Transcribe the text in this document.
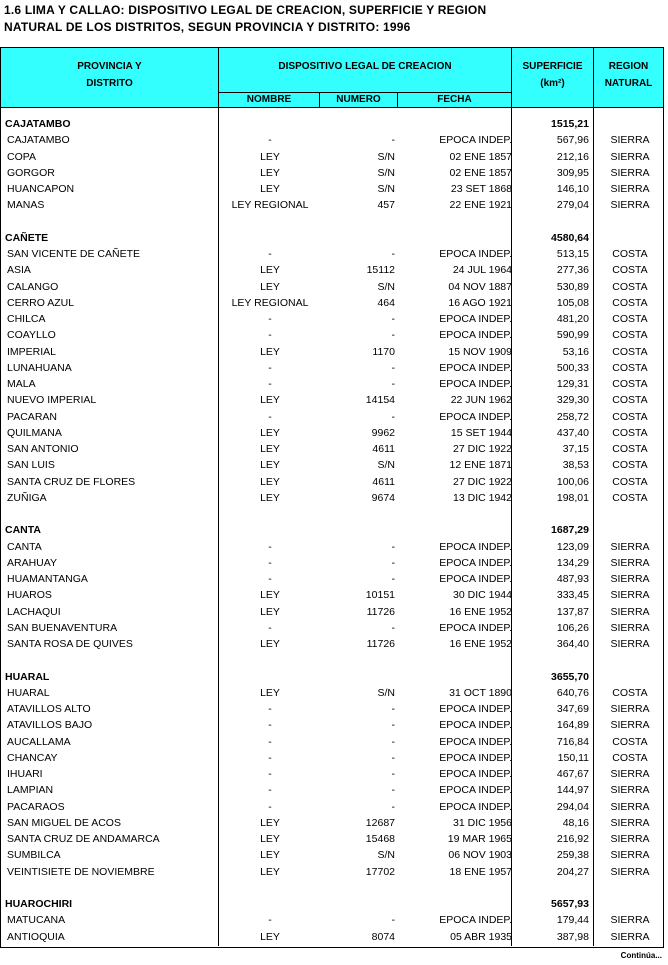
1.6 LIMA Y CALLAO: DISPOSITIVO LEGAL DE CREACION, SUPERFICIE Y REGION
NATURAL DE LOS DISTRITOS, SEGUN PROVINCIA Y DISTRITO: 1996
PROVINCIA Y
DISTRITO
DISPOSITIVO LEGAL DE CREACION
NOMBRE	NUMERO	FECHA
SUPERFICIE
(km²)
REGION
NATURAL
CAJATAMBO	1515,21
CAJATAMBO	-	-	EPOCA INDEP.	567,96	SIERRA
COPA	LEY	S/N	02 ENE 1857	212,16	SIERRA
GORGOR	LEY	S/N	02 ENE 1857	309,95	SIERRA
HUANCAPON	LEY	S/N	23 SET 1868	146,10	SIERRA
MANAS	LEY REGIONAL	457	22 ENE 1921	279,04	SIERRA
CAÑETE	4580,64
SAN VICENTE DE CAÑETE	-	-	EPOCA INDEP.	513,15	COSTA
ASIA	LEY	15112	24 JUL 1964	277,36	COSTA
CALANGO	LEY	S/N	04 NOV 1887	530,89	COSTA
CERRO AZUL	LEY REGIONAL	464	16 AGO 1921	105,08	COSTA
CHILCA	-	-	EPOCA INDEP.	481,20	COSTA
COAYLLO	-	-	EPOCA INDEP.	590,99	COSTA
IMPERIAL	LEY	1170	15 NOV 1909	53,16	COSTA
LUNAHUANA	-	-	EPOCA INDEP.	500,33	COSTA
MALA	-	-	EPOCA INDEP.	129,31	COSTA
NUEVO IMPERIAL	LEY	14154	22 JUN 1962	329,30	COSTA
PACARAN	-	-	EPOCA INDEP.	258,72	COSTA
QUILMANA	LEY	9962	15 SET 1944	437,40	COSTA
SAN ANTONIO	LEY	4611	27 DIC 1922	37,15	COSTA
SAN LUIS	LEY	S/N	12 ENE 1871	38,53	COSTA
SANTA CRUZ DE FLORES	LEY	4611	27 DIC 1922	100,06	COSTA
ZUÑIGA	LEY	9674	13 DIC 1942	198,01	COSTA
CANTA	1687,29
CANTA	-	-	EPOCA INDEP.	123,09	SIERRA
ARAHUAY	-	-	EPOCA INDEP.	134,29	SIERRA
HUAMANTANGA	-	-	EPOCA INDEP.	487,93	SIERRA
HUAROS	LEY	10151	30 DIC 1944	333,45	SIERRA
LACHAQUI	LEY	11726	16 ENE 1952	137,87	SIERRA
SAN BUENAVENTURA	-	-	EPOCA INDEP.	106,26	SIERRA
SANTA ROSA DE QUIVES	LEY	11726	16 ENE 1952	364,40	SIERRA
HUARAL	3655,70
HUARAL	LEY	S/N	31 OCT 1890	640,76	COSTA
ATAVILLOS ALTO	-	-	EPOCA INDEP.	347,69	SIERRA
ATAVILLOS BAJO	-	-	EPOCA INDEP.	164,89	SIERRA
AUCALLAMA	-	-	EPOCA INDEP.	716,84	COSTA
CHANCAY	-	-	EPOCA INDEP.	150,11	COSTA
IHUARI	-	-	EPOCA INDEP.	467,67	SIERRA
LAMPIAN	-	-	EPOCA INDEP.	144,97	SIERRA
PACARAOS	-	-	EPOCA INDEP.	294,04	SIERRA
SAN MIGUEL DE ACOS	LEY	12687	31 DIC 1956	48,16	SIERRA
SANTA CRUZ DE ANDAMARCA	LEY	15468	19 MAR 1965	216,92	SIERRA
SUMBILCA	LEY	S/N	06 NOV 1903	259,38	SIERRA
VEINTISIETE DE NOVIEMBRE	LEY	17702	18 ENE 1957	204,27	SIERRA
HUAROCHIRI	5657,93
MATUCANA	-	-	EPOCA INDEP.	179,44	SIERRA
ANTIOQUIA	LEY	8074	05 ABR 1935	387,98	SIERRA
Continúa...
